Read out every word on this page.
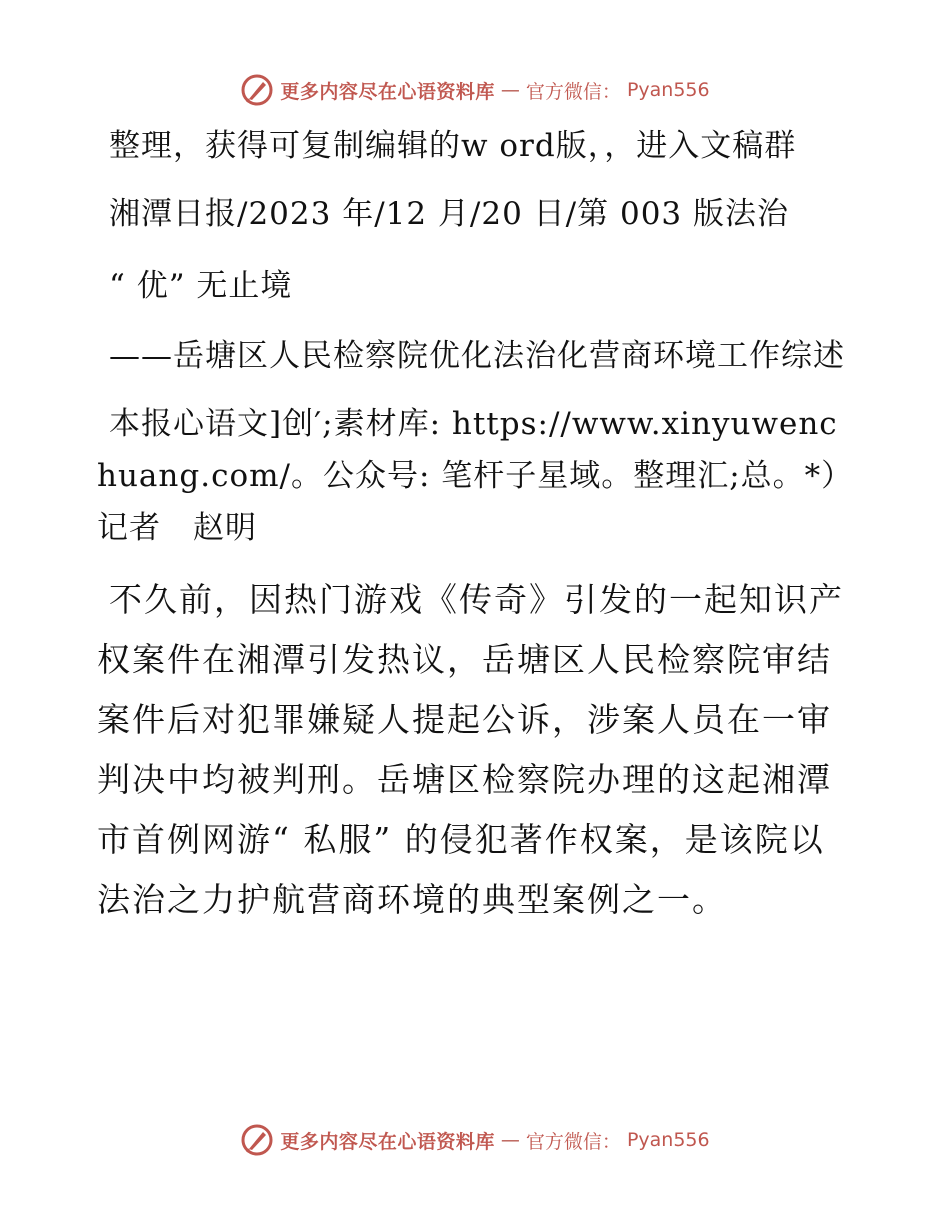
更多内容尽在心语资料库 — 官方微信： Pyan556

整理，获得可复制编辑的w ord版，，进入文稿群

湘潭日报/2023 年/12 月/20 日/第 003 版法治

“ 优” 无止境

——岳塘区人民检察院优化法治化营商环境工作综述

本报心语文]创′;素材库: https://www.xinyuwenchuang.com/。公众号: 笔杆子星域。整理汇;总。*）记者　赵明

不久前，因热门游戏《传奇》引发的一起知识产权案件在湘潭引发热议，岳塘区人民检察院审结案件后对犯罪嫌疑人提起公诉，涉案人员在一审判决中均被判刑。岳塘区检察院办理的这起湘潭市首例网游“ 私服” 的侵犯著作权案，是该院以法治之力护航营商环境的典型案例之一。

更多内容尽在心语资料库 — 官方微信： Pyan556
